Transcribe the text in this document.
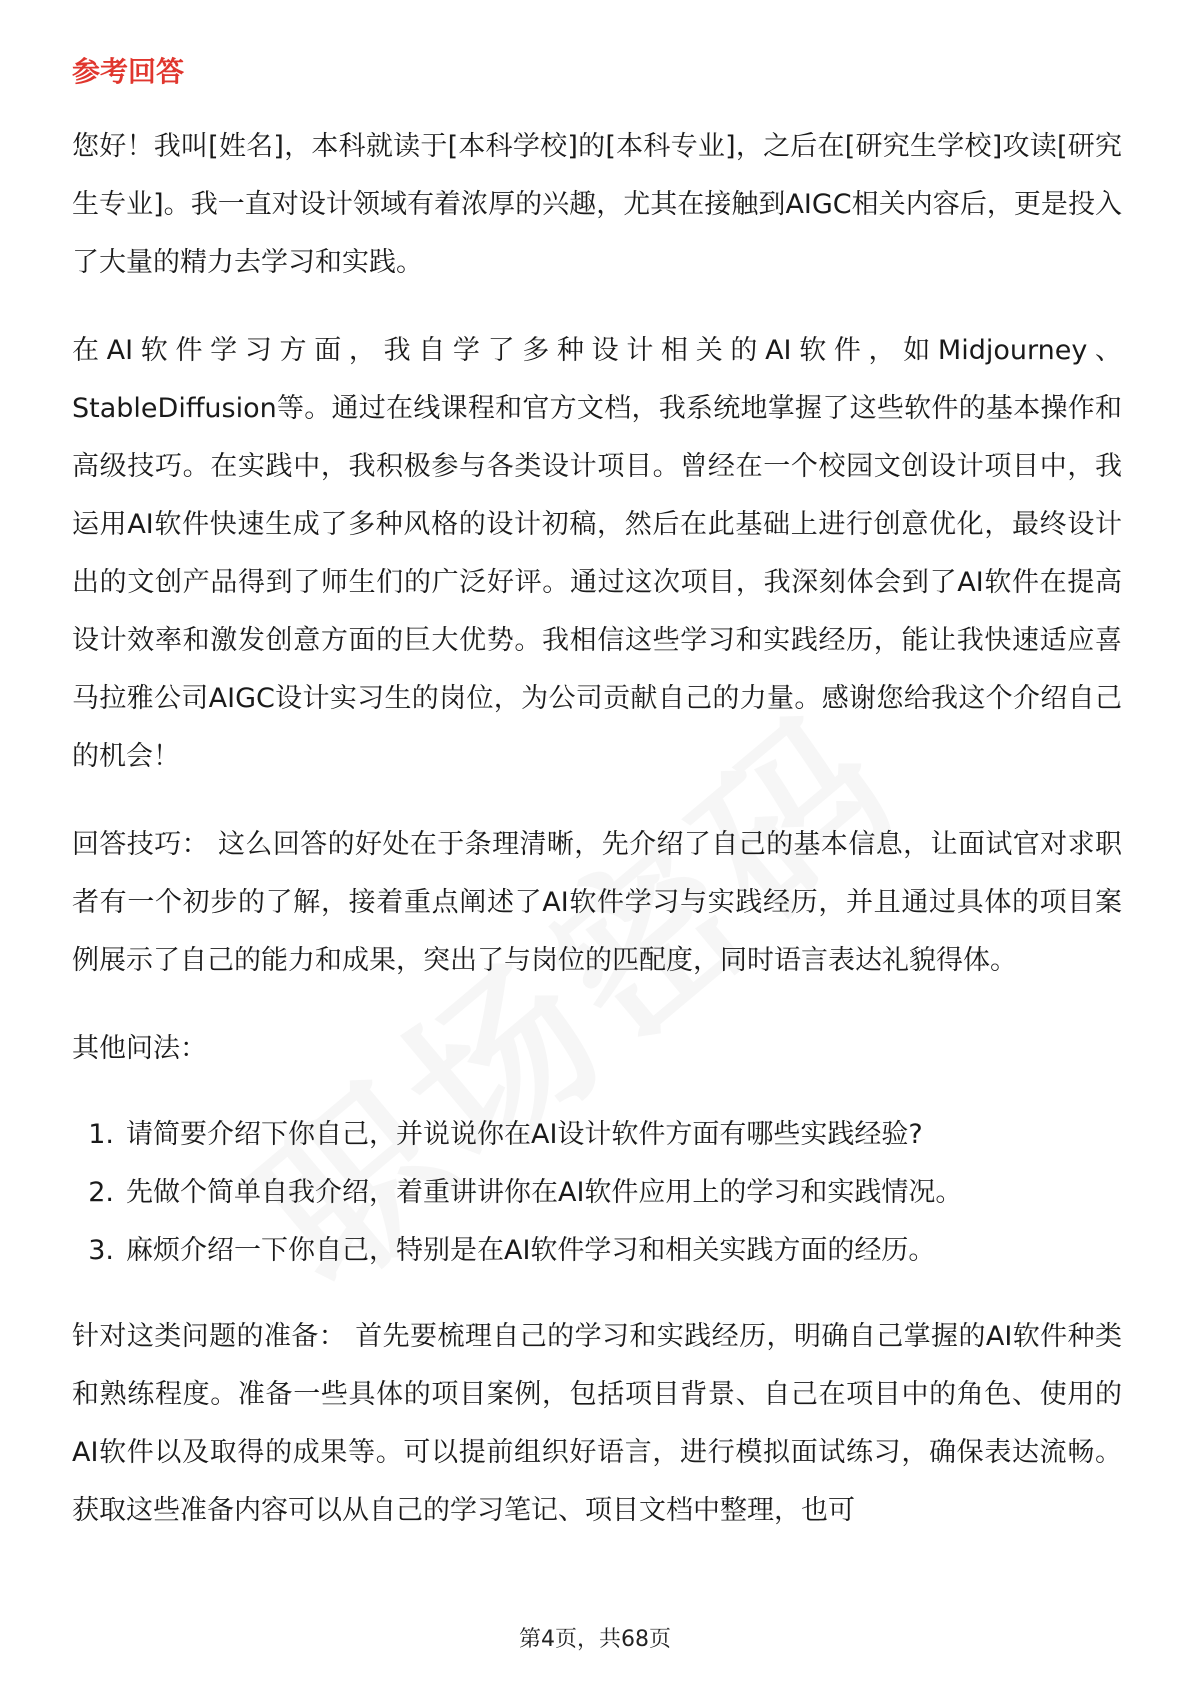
参考回答

您好！我叫[姓名]，本科就读于[本科学校]的[本科专业]，之后在[研究生学校]攻读[研究生专业]。我一直对设计领域有着浓厚的兴趣，尤其在接触到AIGC相关内容后，更是投入了大量的精力去学习和实践。

在AI软件学习方面，我自学了多种设计相关的AI软件，如Midjourney、StableDiffusion等。通过在线课程和官方文档，我系统地掌握了这些软件的基本操作和高级技巧。在实践中，我积极参与各类设计项目。曾经在一个校园文创设计项目中，我运用AI软件快速生成了多种风格的设计初稿，然后在此基础上进行创意优化，最终设计出的文创产品得到了师生们的广泛好评。通过这次项目，我深刻体会到了AI软件在提高设计效率和激发创意方面的巨大优势。我相信这些学习和实践经历，能让我快速适应喜马拉雅公司AIGC设计实习生的岗位，为公司贡献自己的力量。感谢您给我这个介绍自己的机会！

回答技巧： 这么回答的好处在于条理清晰，先介绍了自己的基本信息，让面试官对求职者有一个初步的了解，接着重点阐述了AI软件学习与实践经历，并且通过具体的项目案例展示了自己的能力和成果，突出了与岗位的匹配度，同时语言表达礼貌得体。

其他问法：

1. 请简要介绍下你自己，并说说你在AI设计软件方面有哪些实践经验?
2. 先做个简单自我介绍，着重讲讲你在AI软件应用上的学习和实践情况。
3. 麻烦介绍一下你自己，特别是在AI软件学习和相关实践方面的经历。

针对这类问题的准备： 首先要梳理自己的学习和实践经历，明确自己掌握的AI软件种类和熟练程度。准备一些具体的项目案例，包括项目背景、自己在项目中的角色、使用的AI软件以及取得的成果等。可以提前组织好语言，进行模拟面试练习，确保表达流畅。获取这些准备内容可以从自己的学习笔记、项目文档中整理，也可

第4页，共68页
